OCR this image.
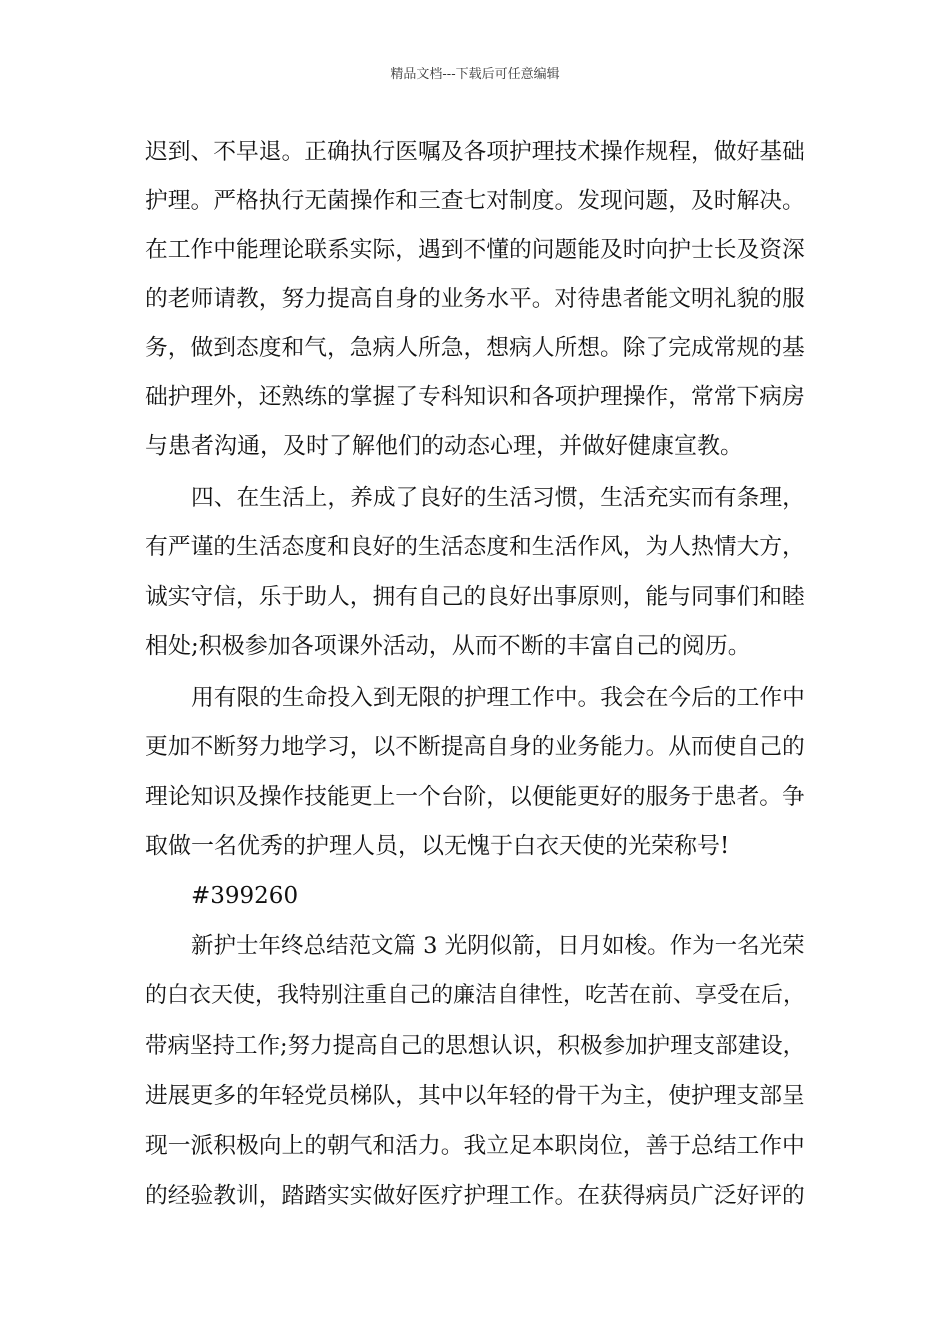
精品文档---下载后可任意编辑
迟到、不早退。正确执行医嘱及各项护理技术操作规程，做好基础
护理。严格执行无菌操作和三查七对制度。发现问题，及时解决。
在工作中能理论联系实际，遇到不懂的问题能及时向护士长及资深
的老师请教，努力提高自身的业务水平。对待患者能文明礼貌的服
务，做到态度和气，急病人所急，想病人所想。除了完成常规的基
础护理外，还熟练的掌握了专科知识和各项护理操作，常常下病房
与患者沟通，及时了解他们的动态心理，并做好健康宣教。
四、在生活上，养成了良好的生活习惯，生活充实而有条理，
有严谨的生活态度和良好的生活态度和生活作风，为人热情大方，
诚实守信，乐于助人，拥有自己的良好出事原则，能与同事们和睦
相处;积极参加各项课外活动，从而不断的丰富自己的阅历。
用有限的生命投入到无限的护理工作中。我会在今后的工作中
更加不断努力地学习，以不断提高自身的业务能力。从而使自己的
理论知识及操作技能更上一个台阶，以便能更好的服务于患者。争
取做一名优秀的护理人员，以无愧于白衣天使的光荣称号!
#399260
新护士年终总结范文篇 3 光阴似箭，日月如梭。作为一名光荣
的白衣天使，我特别注重自己的廉洁自律性，吃苦在前、享受在后，
带病坚持工作;努力提高自己的思想认识，积极参加护理支部建设，
进展更多的年轻党员梯队，其中以年轻的骨干为主，使护理支部呈
现一派积极向上的朝气和活力。我立足本职岗位，善于总结工作中
的经验教训，踏踏实实做好医疗护理工作。在获得病员广泛好评的
